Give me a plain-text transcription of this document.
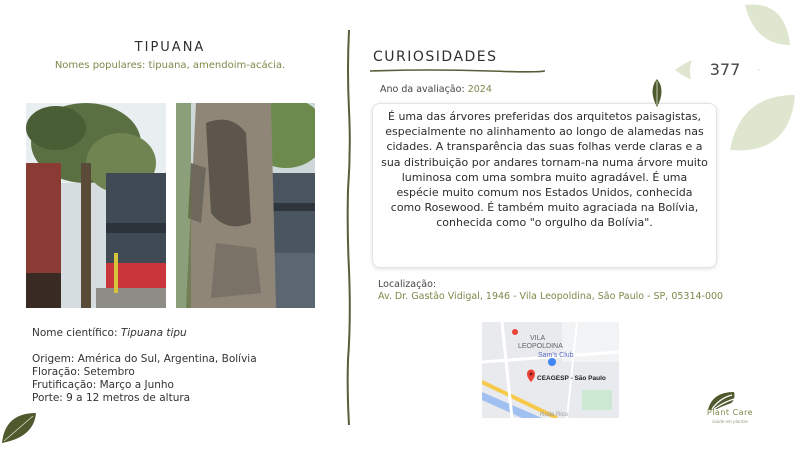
TIPUANA
Nomes populares: tipuana, amendoim-acácia.
Nome científico: Tipuana tipu
Origem: América do Sul, Argentina, Bolívia
Floração: Setembro
Frutificação: Março a Junho
Porte: 9 a 12 metros de altura
CURIOSIDADES
Ano da avaliação: 2024

É uma das árvores preferidas dos arquitetos paisagistas, especialmente no alinhamento ao longo de alamedas nas cidades. A transparência das suas folhas verde claras e a sua distribuição por andares tornam-na numa árvore muito luminosa com uma sombra muito agradável. É uma espécie muito comum nos Estados Unidos, conhecida como Rosewood. É também muito agraciada na Bolívia, conhecida como "o orgulho da Bolívia".

Localização:
Av. Dr. Gastão Vidigal, 1946 - Vila Leopoldina, São Paulo - SP, 05314-000
VILA
LEOPOLDINA
Sam's Club
CEAGESP - São Paulo
Roda Rico
377
Plant Care
saúde em plantas
